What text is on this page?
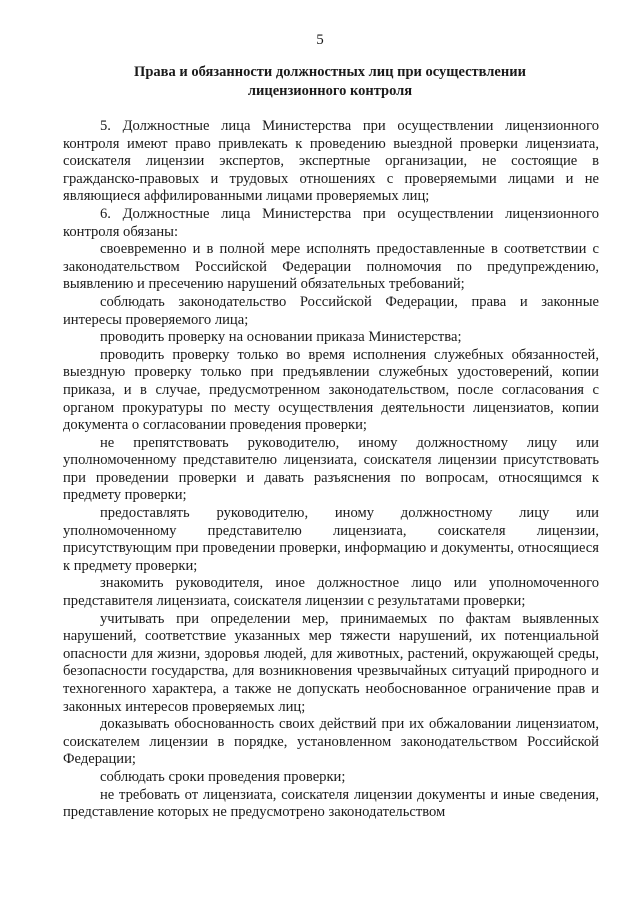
5
Права и обязанности должностных лиц при осуществлении
лицензионного контроля

5. Должностные лица Министерства при осуществлении лицензионного контроля имеют право привлекать к проведению выездной проверки лицензиата, соискателя лицензии экспертов, экспертные организации, не состоящие в гражданско-правовых и трудовых отношениях с проверяемыми лицами и не являющиеся аффилированными лицами проверяемых лиц;

6. Должностные лица Министерства при осуществлении лицензионного контроля обязаны:

своевременно и в полной мере исполнять предоставленные в соответствии с законодательством Российской Федерации полномочия по предупреждению, выявлению и пресечению нарушений обязательных требований;

соблюдать законодательство Российской Федерации, права и законные интересы проверяемого лица;

проводить проверку на основании приказа Министерства;

проводить проверку только во время исполнения служебных обязанностей, выездную проверку только при предъявлении служебных удостоверений, копии приказа, и в случае, предусмотренном законодательством, после согласования с органом прокуратуры по месту осуществления деятельности лицензиатов, копии документа о согласовании проведения проверки;

не препятствовать руководителю, иному должностному лицу или уполномоченному представителю лицензиата, соискателя лицензии присутствовать при проведении проверки и давать разъяснения по вопросам, относящимся к предмету проверки;

предоставлять руководителю, иному должностному лицу или уполномоченному представителю лицензиата, соискателя лицензии, присутствующим при проведении проверки, информацию и документы, относящиеся к предмету проверки;

знакомить руководителя, иное должностное лицо или уполномоченного представителя лицензиата, соискателя лицензии с результатами проверки;

учитывать при определении мер, принимаемых по фактам выявленных нарушений, соответствие указанных мер тяжести нарушений, их потенциальной опасности для жизни, здоровья людей, для животных, растений, окружающей среды, безопасности государства, для возникновения чрезвычайных ситуаций природного и техногенного характера, а также не допускать необоснованное ограничение прав и законных интересов проверяемых лиц;

доказывать обоснованность своих действий при их обжаловании лицензиатом, соискателем лицензии в порядке, установленном законодательством Российской Федерации;

соблюдать сроки проведения проверки;

не требовать от лицензиата, соискателя лицензии документы и иные сведения, представление которых не предусмотрено законодательством
